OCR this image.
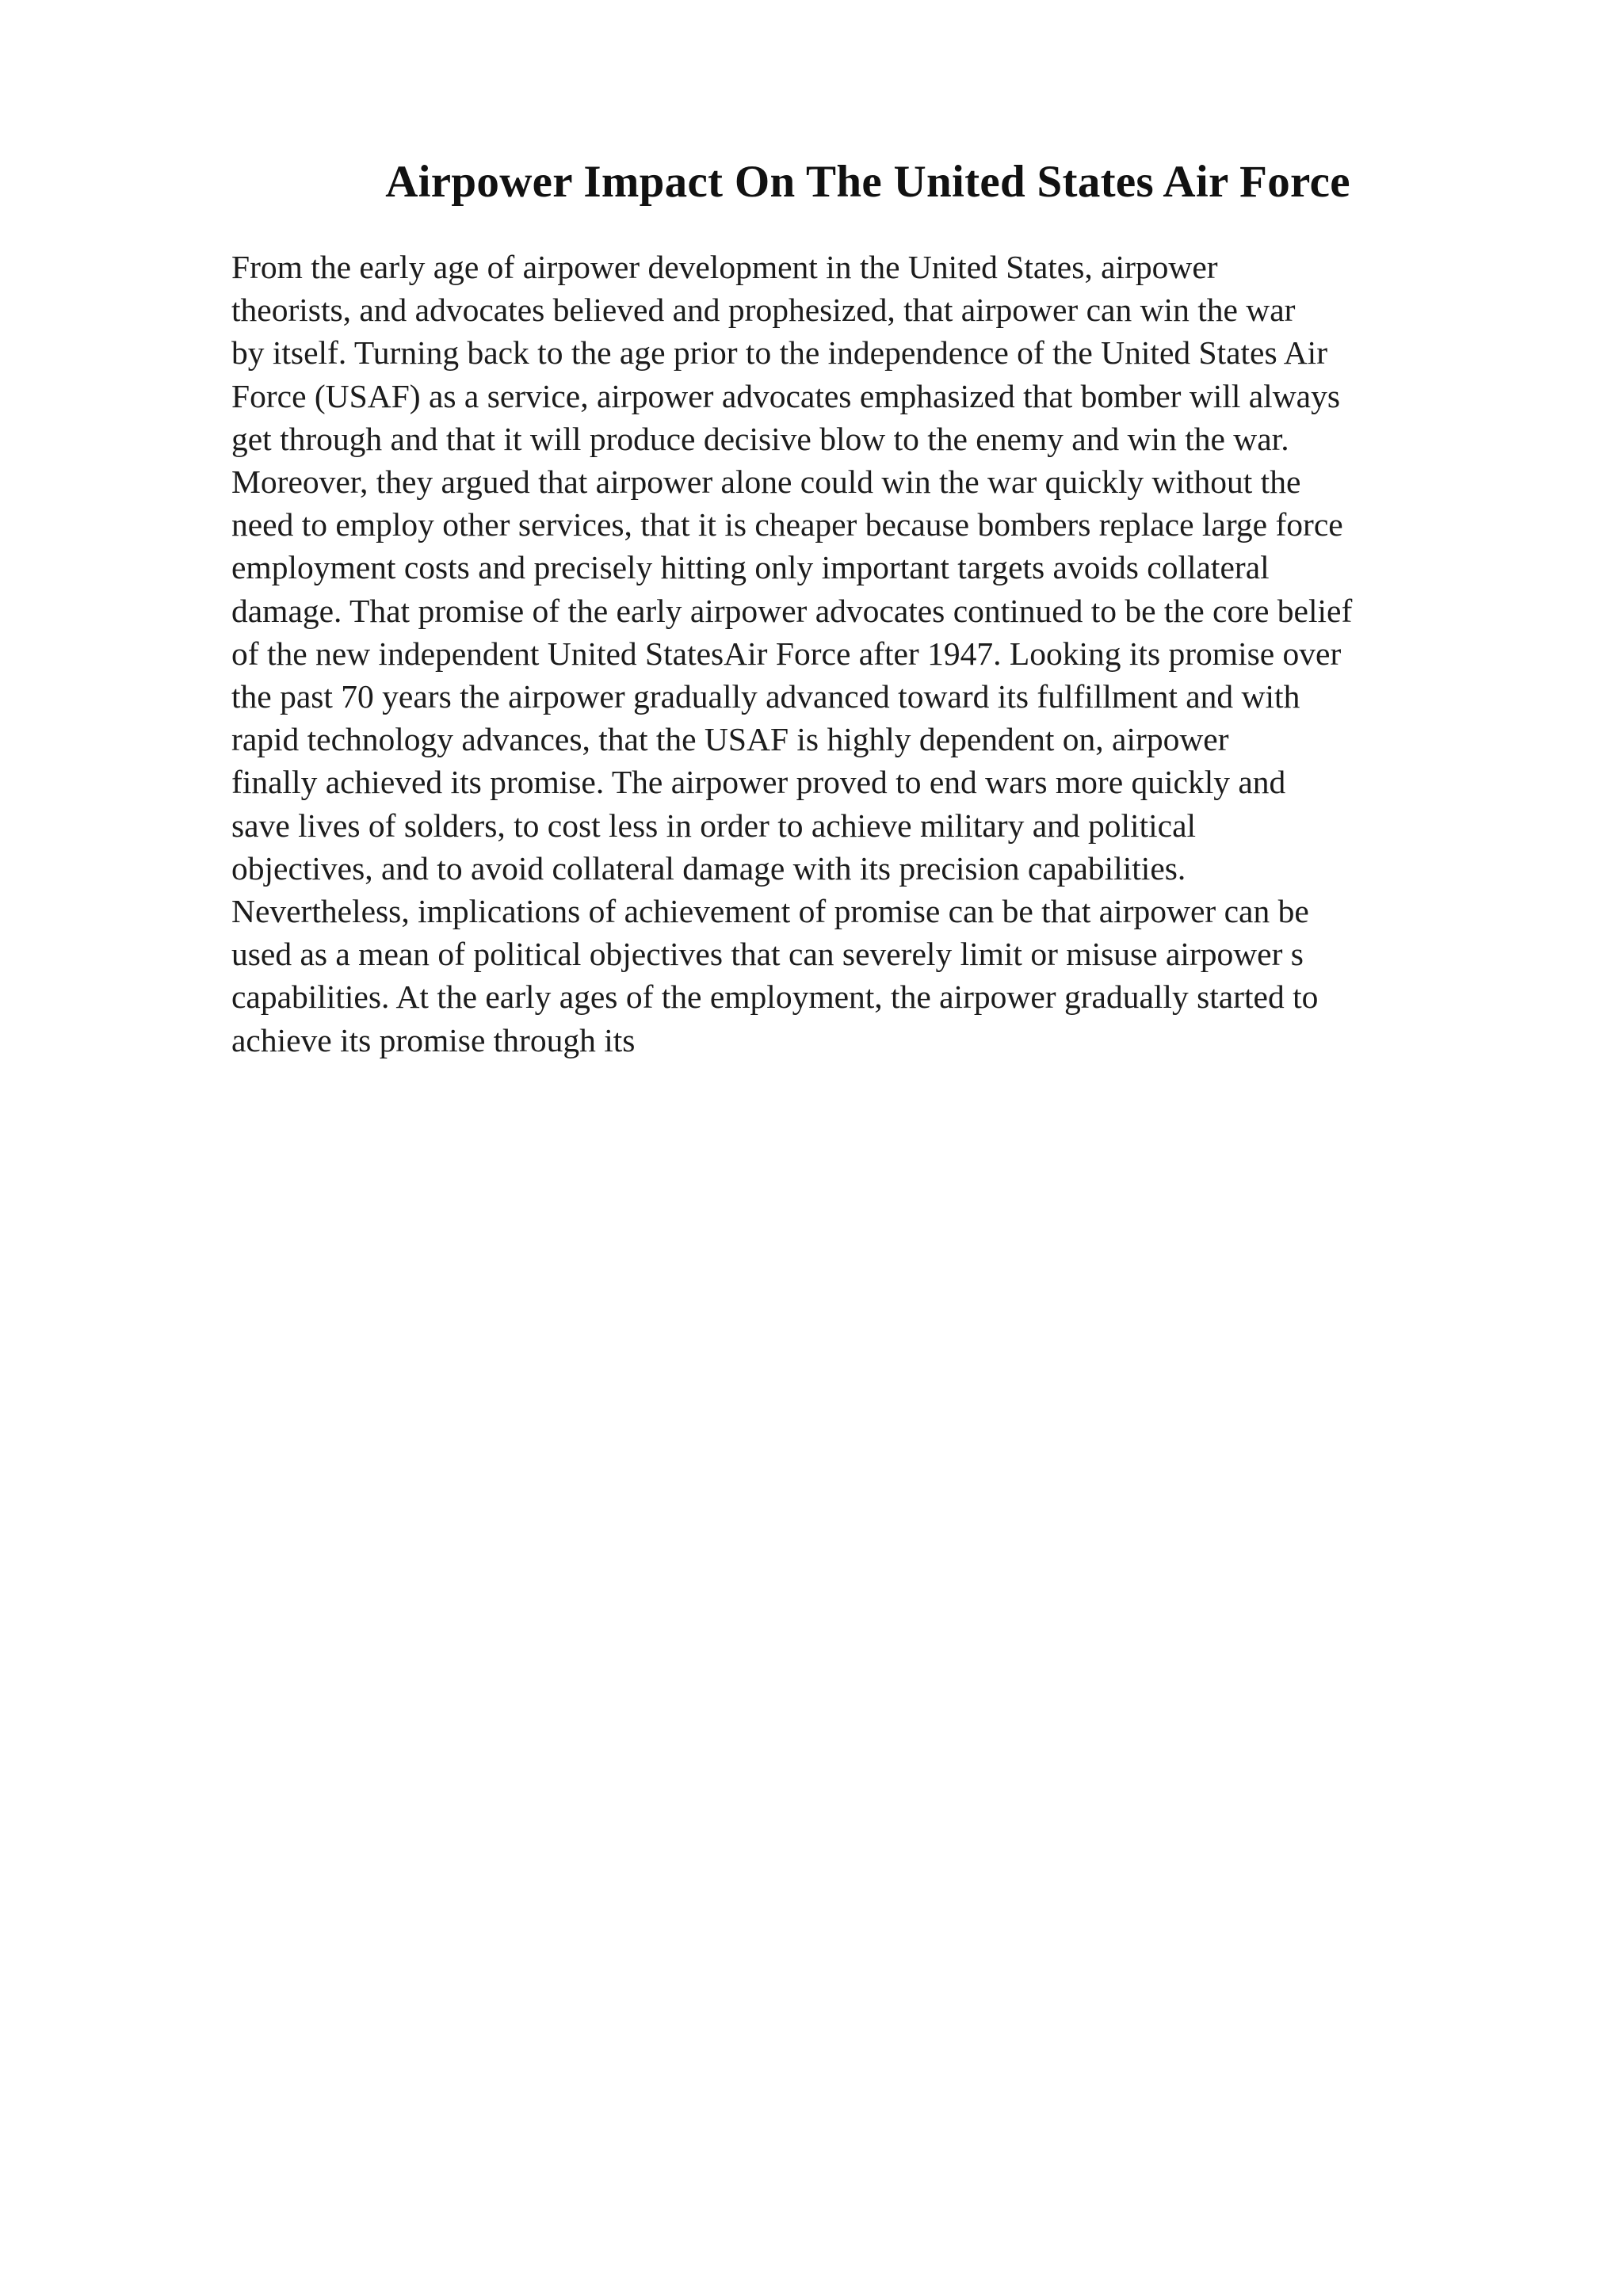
Airpower Impact On The United States Air Force
From the early age of airpower development in the United States, airpower
theorists, and advocates believed and prophesized, that airpower can win the war
by itself. Turning back to the age prior to the independence of the United States Air
Force (USAF) as a service, airpower advocates emphasized that bomber will always
get through and that it will produce decisive blow to the enemy and win the war.
Moreover, they argued that airpower alone could win the war quickly without the
need to employ other services, that it is cheaper because bombers replace large force
employment costs and precisely hitting only important targets avoids collateral
damage. That promise of the early airpower advocates continued to be the core belief
of the new independent United StatesAir Force after 1947. Looking its promise over
the past 70 years the airpower gradually advanced toward its fulfillment and with
rapid technology advances, that the USAF is highly dependent on, airpower
finally achieved its promise. The airpower proved to end wars more quickly and
save lives of solders, to cost less in order to achieve military and political
objectives, and to avoid collateral damage with its precision capabilities.
Nevertheless, implications of achievement of promise can be that airpower can be
used as a mean of political objectives that can severely limit or misuse airpower s
capabilities. At the early ages of the employment, the airpower gradually started to
achieve its promise through its
